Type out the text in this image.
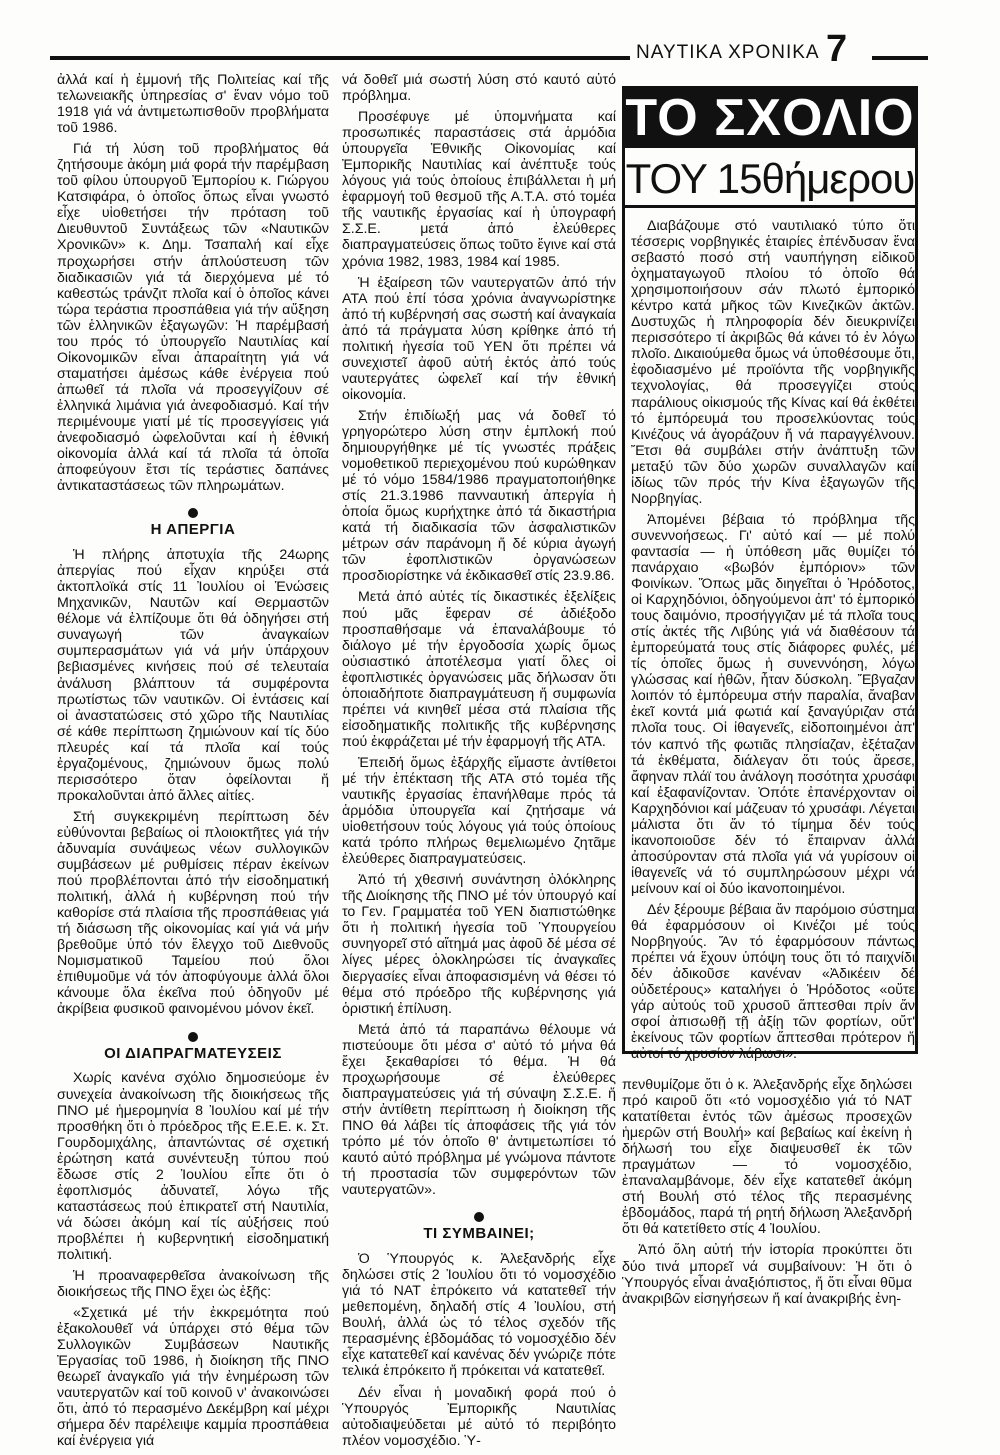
ΝΑΥΤΙΚΑ ΧΡΟΝΙΚΑ 7

ἀλλά καί ἡ ἐμμονή τῆς Πολιτείας καί τῆς τελωνειακῆς ὑπηρεσίας σ' ἕναν νόμο τοῦ 1918 γιά νά ἀντιμετωπισθοῦν προβλήματα τοῦ 1986.

Γιά τή λύση τοῦ προβλήματος θά ζητήσουμε ἀκόμη μιά φορά τήν παρέμβαση τοῦ φίλου ὑπουργοῦ Ἐμπορίου κ. Γιώργου Κατσιφάρα, ὁ ὁποῖος ὅπως εἶναι γνωστό εἶχε υἱοθετήσει τήν πρόταση τοῦ Διευθυντοῦ Συντάξεως τῶν «Ναυτικῶν Χρονικῶν» κ. Δημ. Τσαπαλή καί εἶχε προχωρήσει στήν ἁπλούστευση τῶν διαδικασιῶν γιά τά διερχόμενα μέ τό καθεστώς τράνζιτ πλοῖα καί ὁ ὁποῖος κάνει τώρα τεράστια προσπάθεια γιά τήν αὔξηση τῶν ἑλληνικῶν ἐξαγωγῶν: Ἡ παρέμβασή του πρός τό ὑπουργεῖο Ναυτιλίας καί Οἰκονομικῶν εἶναι ἀπαραίτητη γιά νά σταματήσει ἀμέσως κάθε ἐνέργεια πού ἀπωθεῖ τά πλοῖα νά προσεγγίζουν σέ ἑλληνικά λιμάνια γιά ἀνεφοδιασμό. Καί τήν περιμένουμε γιατί μέ τίς προσεγγίσεις γιά ἀνεφοδιασμό ὠφελοῦνται καί ἡ ἐθνική οἰκονομία ἀλλά καί τά πλοῖα τά ὁποῖα ἀποφεύγουν ἔτσι τίς τεράστιες δαπάνες ἀντικαταστάσεως τῶν πληρωμάτων.

Η ΑΠΕΡΓΙΑ

Ἡ πλήρης ἀποτυχία τῆς 24ωρης ἀπεργίας πού εἶχαν κηρύξει στά ἀκτοπλοϊκά στίς 11 Ἰουλίου οἱ Ἑνώσεις Μηχανικῶν, Ναυτῶν καί Θερμαστῶν θέλομε νά ἐλπίζουμε ὅτι θά ὁδηγήσει στή συναγωγή τῶν ἀναγκαίων συμπερασμάτων γιά νά μήν ὑπάρχουν βεβιασμένες κινήσεις πού σέ τελευταία ἀνάλυση βλάπτουν τά συμφέροντα πρωτίστως τῶν ναυτικῶν. Οἱ ἐντάσεις καί οἱ ἀναστατώσεις στό χῶρο τῆς Ναυτιλίας σέ κάθε περίπτωση ζημιώνουν καί τίς δύο πλευρές καί τά πλοῖα καί τούς ἐργαζομένους, ζημιώνουν ὅμως πολύ περισσότερο ὅταν ὀφείλονται ἤ προκαλοῦνται ἀπό ἄλλες αἰτίες.

Στή συγκεκριμένη περίπτωση δέν εὐθύνονται βεβαίως οἱ πλοιοκτῆτες γιά τήν ἀδυναμία συνάψεως νέων συλλογικῶν συμβάσεων μέ ρυθμίσεις πέραν ἐκείνων πού προβλέπονται ἀπό τήν εἰσοδηματική πολιτική, ἀλλά ἡ κυβέρνηση πού τήν καθορίσε στά πλαίσια τῆς προσπάθειας γιά τή διάσωση τῆς οἰκονομίας καί γιά νά μήν βρεθοῦμε ὑπό τόν ἔλεγχο τοῦ Διεθνοῦς Νομισματικοῦ Ταμείου πού ὅλοι ἐπιθυμοῦμε νά τόν ἀποφύγουμε ἀλλά ὅλοι κάνουμε ὅλα ἐκεῖνα πού ὁδηγοῦν μέ ἀκρίβεια φυσικοῦ φαινομένου μόνον ἐκεῖ.

ΟΙ ΔΙΑΠΡΑΓΜΑΤΕΥΣΕΙΣ

Χωρίς κανένα σχόλιο δημοσιεύομε ἐν συνεχεία ἀνακοίνωση τῆς διοικήσεως τῆς ΠΝΟ μέ ἡμερομηνία 8 Ἰουλίου καί μέ τήν προσθήκη ὅτι ὁ πρόεδρος τῆς Ε.Ε.Ε. κ. Στ. Γουρδομιχάλης, ἀπαντώντας σέ σχετική ἐρώτηση κατά συνέντευξη τύπου πού ἔδωσε στίς 2 Ἰουλίου εἶπε ὅτι ὁ ἐφοπλισμός ἀδυνατεῖ, λόγω τῆς καταστάσεως πού ἐπικρατεῖ στή Ναυτιλία, νά δώσει ἀκόμη καί τίς αὐξήσεις πού προβλέπει ἡ κυβερνητική εἰσοδηματική πολιτική.

Ἡ προαναφερθεῖσα ἀνακοίνωση τῆς διοικήσεως τῆς ΠΝΟ ἔχει ὡς ἑξῆς:

«Σχετικά μέ τήν ἐκκρεμότητα πού ἐξακολουθεῖ νά ὑπάρχει στό θέμα τῶν Συλλογικῶν Συμβάσεων Ναυτικῆς Ἐργασίας τοῦ 1986, ἡ διοίκηση τῆς ΠΝΟ θεωρεῖ ἀναγκαῖο γιά τήν ἐνημέρωση τῶν ναυτεργατῶν καί τοῦ κοινοῦ ν' ἀνακοινώσει ὅτι, ἀπό τό περασμένο Δεκέμβρη καί μέχρι σήμερα δέν παρέλειψε καμμία προσπάθεια καί ἐνέργεια γιά

νά δοθεῖ μιά σωστή λύση στό καυτό αὐτό πρόβλημα.

Προσέφυγε μέ ὑπομνήματα καί προσωπικές παραστάσεις στά ἁρμόδια ὑπουργεῖα Ἐθνικῆς Οἰκονομίας καί Ἐμπορικῆς Ναυτιλίας καί ἀνέπτυξε τούς λόγους γιά τούς ὁποίους ἐπιβάλλεται ἡ μή ἐφαρμογή τοῦ θεσμοῦ τῆς Α.Τ.Α. στό τομέα τῆς ναυτικῆς ἐργασίας καί ἡ ὑπογραφή Σ.Σ.Ε. μετά ἀπό ἐλεύθερες διαπραγματεύσεις ὅπως τοῦτο ἔγινε καί στά χρόνια 1982, 1983, 1984 καί 1985.

Ἡ ἐξαίρεση τῶν ναυτεργατῶν ἀπό τήν ΑΤΑ πού ἐπί τόσα χρόνια ἀναγνωρίστηκε ἀπό τή κυβέρνησή σας σωστή καί ἀναγκαία ἀπό τά πράγματα λύση κρίθηκε ἀπό τή πολιτική ἡγεσία τοῦ ΥΕΝ ὅτι πρέπει νά συνεχιστεῖ ἀφοῦ αὐτή ἐκτός ἀπό τούς ναυτεργάτες ὠφελεῖ καί τήν ἐθνική οἰκονομία.

Στήν ἐπιδίωξή μας νά δοθεῖ τό γρηγορώτερο λύση στην ἐμπλοκή πού δημιουργήθηκε μέ τίς γνωστές πράξεις νομοθετικοῦ περιεχομένου πού κυρώθηκαν μέ τό νόμο 1584/1986 πραγματοποιήθηκε στίς 21.3.1986 πανναυτική ἀπεργία ἡ ὁποία ὅμως κυρήχτηκε ἀπό τά δικαστήρια κατά τή διαδικασία τῶν ἀσφαλιστικῶν μέτρων σάν παράνομη ἤ δέ κύρια ἀγωγή τῶν ἐφοπλιστικῶν ὀργανώσεων προσδιορίστηκε νά ἐκδικασθεῖ στίς 23.9.86.

Μετά ἀπό αὐτές τίς δικαστικές ἐξελίξεις πού μᾶς ἔφεραν σέ ἀδιέξοδο προσπαθήσαμε νά ἐπαναλάβουμε τό διάλογο μέ τήν ἐργοδοσία χωρίς ὅμως οὐσιαστικό ἀποτέλεσμα γιατί ὅλες οἱ ἐφοπλιστικές ὀργανώσεις μᾶς δήλωσαν ὅτι ὁποιαδήποτε διαπραγμάτευση ἤ συμφωνία πρέπει νά κινηθεῖ μέσα στά πλαίσια τῆς εἰσοδηματικῆς πολιτικῆς τῆς κυβέρνησης πού ἐκφράζεται μέ τήν ἐφαρμογή τῆς ΑΤΑ.

Ἐπειδή ὅμως ἐξάρχῆς εἴμαστε ἀντίθετοι μέ τήν ἐπέκταση τῆς ΑΤΑ στό τομέα τῆς ναυτικῆς ἐργασίας ἐπανήλθαμε πρός τά ἁρμόδια ὑπουργεῖα καί ζητήσαμε νά υἱοθετήσουν τούς λόγους γιά τούς ὁποίους κατά τρόπο πλήρως θεμελιωμένο ζητᾶμε ἐλεύθερες διαπραγματεύσεις.

Ἀπό τή χθεσινή συνάντηση ὁλόκληρης τῆς Διοίκησης τῆς ΠΝΟ μέ τόν ὑπουργό καί το Γεν. Γραμματέα τοῦ ΥΕΝ διαπιστώθηκε ὅτι ἡ πολιτική ἡγεσία τοῦ Ὑπουργείου συνηγορεῖ στό αἴτημά μας ἀφοῦ δέ μέσα σέ λίγες μέρες ὁλοκληρώσει τίς ἀναγκαῖες διεργασίες εἶναι ἀποφασισμένη νά θέσει τό θέμα στό πρόεδρο τῆς κυβέρνησης γιά ὁριστική ἐπίλυση.

Μετά ἀπό τά παραπάνω θέλουμε νά πιστεύουμε ὅτι μέσα σ' αὐτό τό μήνα θά ἔχει ξεκαθαρίσει τό θέμα. Ἡ θά προχωρήσουμε σέ ἐλεύθερες διαπραγματεύσεις γιά τή σύναψη Σ.Σ.Ε. ἤ στήν ἀντίθετη περίπτωση ἡ διοίκηση τῆς ΠΝΟ θά λάβει τίς ἀποφάσεις τῆς γιά τόν τρόπο μέ τόν ὁποῖο θ' ἀντιμετωπίσει τό καυτό αὐτό πρόβλημα μέ γνώμονα πάντοτε τή προστασία τῶν συμφερόντων τῶν ναυτεργατῶν».

ΤΙ ΣΥΜΒΑΙΝΕΙ;

Ὁ Ὑπουργός κ. Ἀλεξανδρής εἶχε δηλώσει στίς 2 Ἰουλίου ὅτι τό νομοσχέδιο γιά τό ΝΑΤ ἐπρόκειτο νά κατατεθεῖ τήν μεθεπομένη, δηλαδή στίς 4 Ἰουλίου, στή Βουλή, ἀλλά ὡς τό τέλος σχεδόν τῆς περασμένης ἑβδομάδας τό νομοσχέδιο δέν εἶχε κατατεθεῖ καί κανένας δέν γνώριζε πότε τελικά ἐπρόκειτο ἤ πρόκειται νά κατατεθεῖ.

Δέν εἶναι ἡ μοναδική φορά πού ὁ Ὑπουργός Ἐμπορικῆς Ναυτιλίας αὐτοδιαψεύδεται μέ αὐτό τό περιβόητο πλέον νομοσχέδιο. Ὑ-

ΤΟ ΣΧΟΛΙΟ
ΤΟΥ 15θήμερου

Διαβάζουμε στό ναυτιλιακό τύπο ὅτι τέσσερις νορβηγικές ἑταιρίες ἐπένδυσαν ἕνα σεβαστό ποσό στή ναυπήγηση εἰδικοῦ ὀχηματαγωγοῦ πλοίου τό ὁποῖο θά χρησιμοποιήσουν σάν πλωτό ἐμπορικό κέντρο κατά μῆκος τῶν Κινεζικῶν ἀκτῶν. Δυστυχῶς ἡ πληροφορία δέν διευκρινίζει περισσότερο τί ἀκριβῶς θά κάνει τό ἐν λόγω πλοῖο. Δικαιούμεθα ὅμως νά ὑποθέσουμε ὅτι, ἐφοδιασμένο μέ προϊόντα τῆς νορβηγικῆς τεχνολογίας, θά προσεγγίζει στούς παράλιους οἰκισμούς τῆς Κίνας καί θά ἐκθέτει τό ἐμπόρευμά του προσελκύοντας τούς Κινέζους νά ἀγοράζουν ἤ νά παραγγέλνουν. Ἔτσι θά συμβάλει στήν ἀνάπτυξη τῶν μεταξύ τῶν δύο χωρῶν συναλλαγῶν καί ἰδίως τῶν πρός τήν Κίνα ἐξαγωγῶν τῆς Νορβηγίας.

Ἀπομένει βέβαια τό πρόβλημα τῆς συνεννοήσεως. Γι' αὐτό καί — μέ πολύ φαντασία — ἡ ὑπόθεση μᾶς θυμίζει τό πανάρχαιο «βωβόν ἐμπόριον» τῶν Φοινίκων. Ὅπως μᾶς διηγεῖται ὁ Ἡρόδοτος, οἱ Καρχηδόνιοι, ὁδηγούμενοι ἀπ' τό ἐμπορικό τους δαιμόνιο, προσήγγιζαν μέ τά πλοῖα τους στίς ἀκτές τῆς Λιβύης γιά νά διαθέσουν τά ἐμπορεύματά τους στίς διάφορες φυλές, μέ τίς ὁποῖες ὅμως ἡ συνεννόηση, λόγω γλώσσας καί ἠθῶν, ἦταν δύσκολη. Ἔβγαζαν λοιπόν τό ἐμπόρευμα στήν παραλία, ἄναβαν ἐκεῖ κοντά μιά φωτιά καί ξαναγύριζαν στά πλοῖα τους. Οἱ ἰθαγενεῖς, εἰδοποιημένοι ἀπ' τόν καπνό τῆς φωτιᾶς πλησίαζαν, ἐξέταζαν τά ἐκθέματα, διάλεγαν ὅτι τούς ἄρεσε, ἄφηναν πλάϊ του ἀνάλογη ποσότητα χρυσάφι καί ἐξαφανίζονταν. Ὁπότε ἐπανέρχονταν οἱ Καρχηδόνιοι καί μάζευαν τό χρυσάφι. Λέγεται μάλιστα ὅτι ἄν τό τίμημα δέν τούς ἱκανοποιοῦσε δέν τό ἔπαιρναν ἀλλά ἀποσύρονταν στά πλοῖα γιά νά γυρίσουν οἱ ἰθαγενεῖς νά τό συμπληρώσουν μέχρι νά μείνουν καί οἱ δύο ἱκανοποιημένοι.

Δέν ξέρουμε βέβαια ἄν παρόμοιο σύστημα θά ἐφαρμόσουν οἱ Κινέζοι μέ τούς Νορβηγούς. Ἄν τό ἐφαρμόσουν πάντως πρέπει νά ἔχουν ὑπόψη τους ὅτι τό παιχνίδι δέν ἀδικοῦσε κανέναν «Ἀδικέειν δέ οὐδετέρους» καταλήγει ὁ Ἡρόδοτος «οὔτε γάρ αὐτούς τοῦ χρυσοῦ ἅπτεσθαι πρίν ἄν σφοί ἀπισωθῇ τῇ ἀξίῃ τῶν φορτίων, οὔτ' ἐκείνους τῶν φορτίων ἅπτεσθαι πρότερον ἤ αὐτοί τό χρυσίον λάβωσι».

πενθυμίζομε ὅτι ὁ κ. Ἀλεξανδρής εἶχε δηλώσει πρό καιροῦ ὅτι «τό νομοσχέδιο γιά τό ΝΑΤ κατατίθεται ἐντός τῶν ἀμέσως προσεχῶν ἡμερῶν στή Βουλή» καί βεβαίως καί ἐκείνη ἡ δήλωσή του εἶχε διαψευσθεῖ ἐκ τῶν πραγμάτων — τό νομοσχέδιο, ἐπαναλαμβάνομε, δέν εἶχε κατατεθεῖ ἀκόμη στή Βουλή στό τέλος τῆς περασμένης ἑβδομάδος, παρά τή ρητή δήλωση Ἀλεξανδρή ὅτι θά κατετίθετο στίς 4 Ἰουλίου.

Ἀπό ὅλη αὐτή τήν ἱστορία προκύπτει ὅτι δύο τινά μπορεῖ νά συμβαίνουν: Ἡ ὅτι ὁ Ὑπουργός εἶναι ἀναξιόπιστος, ἤ ὅτι εἶναι θῦμα ἀνακριβῶν εἰσηγήσεων ἤ καί ἀνακριβής ἐνη-
